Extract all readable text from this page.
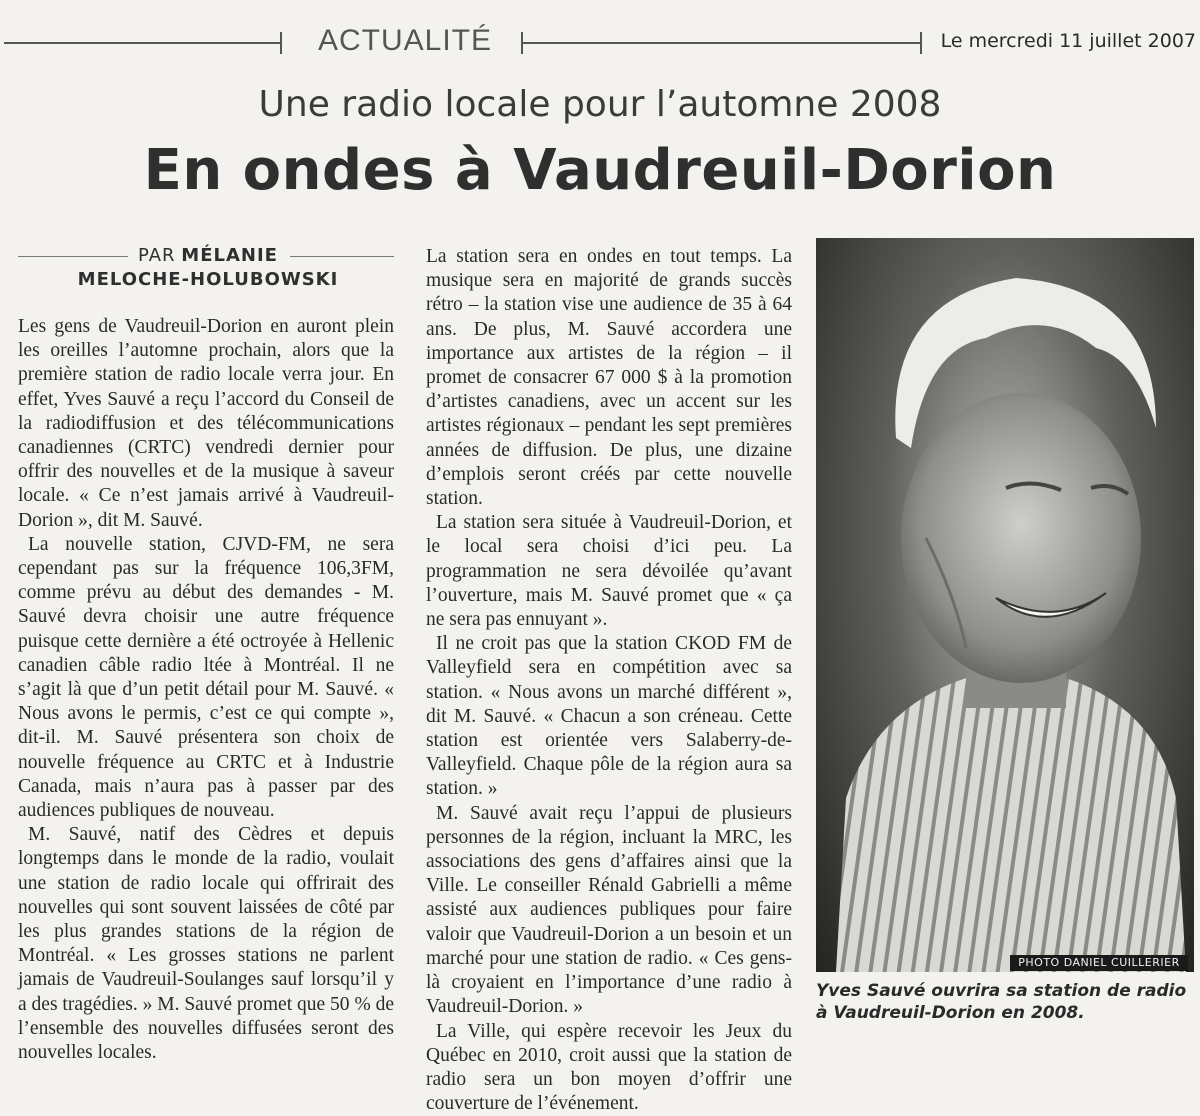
ACTUALITÉ	Le mercredi 11 juillet 2007
Une radio locale pour l’automne 2008
En ondes à Vaudreuil-Dorion
PAR MÉLANIE
MELOCHE-HOLUBOWSKI

Les gens de Vaudreuil-Dorion en auront plein les oreilles l’automne prochain, alors que la première station de radio locale verra jour. En effet, Yves Sauvé a reçu l’accord du Conseil de la radiodiffusion et des télécommunications canadiennes (CRTC) vendredi dernier pour offrir des nouvelles et de la musique à saveur locale. « Ce n’est jamais arrivé à Vaudreuil-Dorion », dit M. Sauvé.

La nouvelle station, CJVD-FM, ne sera cependant pas sur la fréquence 106,3FM, comme prévu au début des demandes - M. Sauvé devra choisir une autre fréquence puisque cette dernière a été octroyée à Hellenic canadien câble radio ltée à Montréal. Il ne s’agit là que d’un petit détail pour M. Sauvé. « Nous avons le permis, c’est ce qui compte », dit-il. M. Sauvé présentera son choix de nouvelle fréquence au CRTC et à Industrie Canada, mais n’aura pas à passer par des audiences publiques de nouveau.

M. Sauvé, natif des Cèdres et depuis longtemps dans le monde de la radio, voulait une station de radio locale qui offrirait des nouvelles qui sont souvent laissées de côté par les plus grandes stations de la région de Montréal. « Les grosses stations ne parlent jamais de Vaudreuil-Soulanges sauf lorsqu’il y a des tragédies. » M. Sauvé promet que 50 % de l’ensemble des nouvelles diffusées seront des nouvelles locales.

La station sera en ondes en tout temps. La musique sera en majorité de grands succès rétro – la station vise une audience de 35 à 64 ans. De plus, M. Sauvé accordera une importance aux artistes de la région – il promet de consacrer 67 000 $ à la promotion d’artistes canadiens, avec un accent sur les artistes régionaux – pendant les sept premières années de diffusion. De plus, une dizaine d’emplois seront créés par cette nouvelle station.

La station sera située à Vaudreuil-Dorion, et le local sera choisi d’ici peu. La programmation ne sera dévoilée qu’avant l’ouverture, mais M. Sauvé promet que « ça ne sera pas ennuyant ».

Il ne croit pas que la station CKOD FM de Valleyfield sera en compétition avec sa station. « Nous avons un marché différent », dit M. Sauvé. « Chacun a son créneau. Cette station est orientée vers Salaberry-de-Valleyfield. Chaque pôle de la région aura sa station. »

M. Sauvé avait reçu l’appui de plusieurs personnes de la région, incluant la MRC, les associations des gens d’affaires ainsi que la Ville. Le conseiller Rénald Gabrielli a même assisté aux audiences publiques pour faire valoir que Vaudreuil-Dorion a un besoin et un marché pour une station de radio. « Ces gens-là croyaient en l’importance d’une radio à Vaudreuil-Dorion. »

La Ville, qui espère recevoir les Jeux du Québec en 2010, croit aussi que la station de radio sera un bon moyen d’offrir une couverture de l’événement.

PHOTO DANIEL CUILLERIER
Yves Sauvé ouvrira sa station de radio à Vaudreuil-Dorion en 2008.
